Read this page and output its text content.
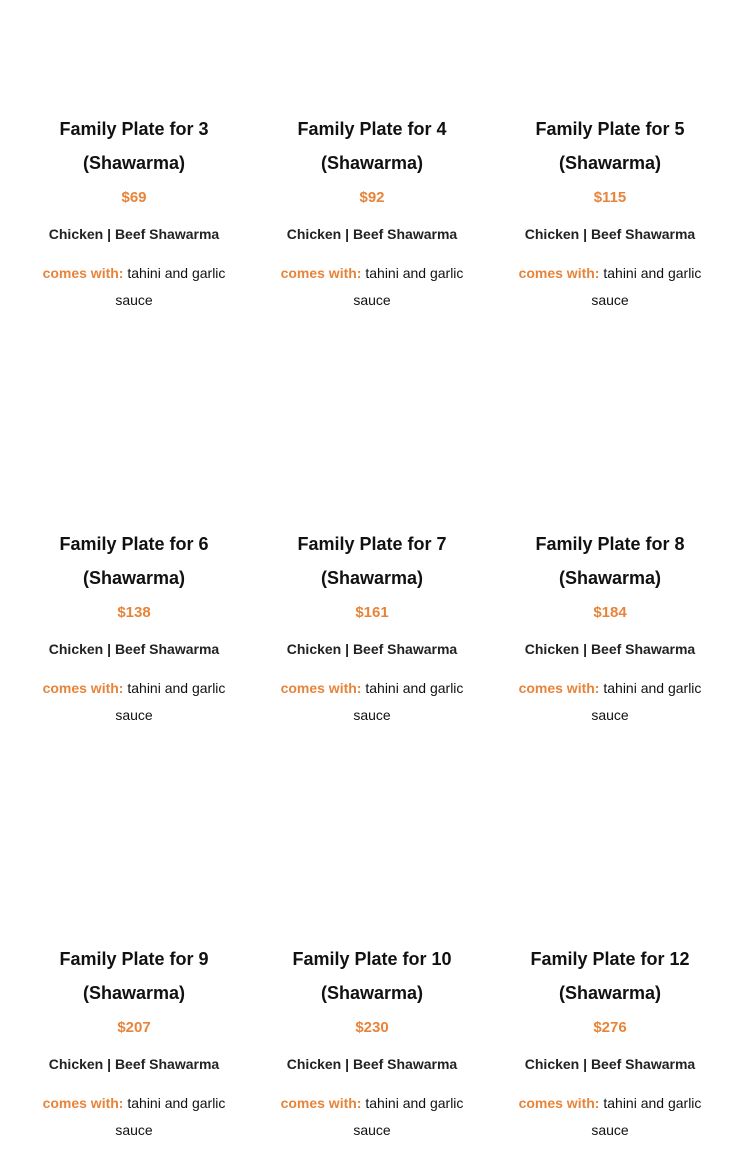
Family Plate for 3
(Shawarma)
$69
Chicken | Beef Shawarma
comes with: tahini and garlic sauce
Family Plate for 4
(Shawarma)
$92
Chicken | Beef Shawarma
comes with: tahini and garlic sauce
Family Plate for 5
(Shawarma)
$115
Chicken | Beef Shawarma
comes with: tahini and garlic sauce
Family Plate for 6
(Shawarma)
$138
Chicken | Beef Shawarma
comes with: tahini and garlic sauce
Family Plate for 7
(Shawarma)
$161
Chicken | Beef Shawarma
comes with: tahini and garlic sauce
Family Plate for 8
(Shawarma)
$184
Chicken | Beef Shawarma
comes with: tahini and garlic sauce
Family Plate for 9
(Shawarma)
$207
Chicken | Beef Shawarma
comes with: tahini and garlic sauce
Family Plate for 10
(Shawarma)
$230
Chicken | Beef Shawarma
comes with: tahini and garlic sauce
Family Plate for 12
(Shawarma)
$276
Chicken | Beef Shawarma
comes with: tahini and garlic sauce
